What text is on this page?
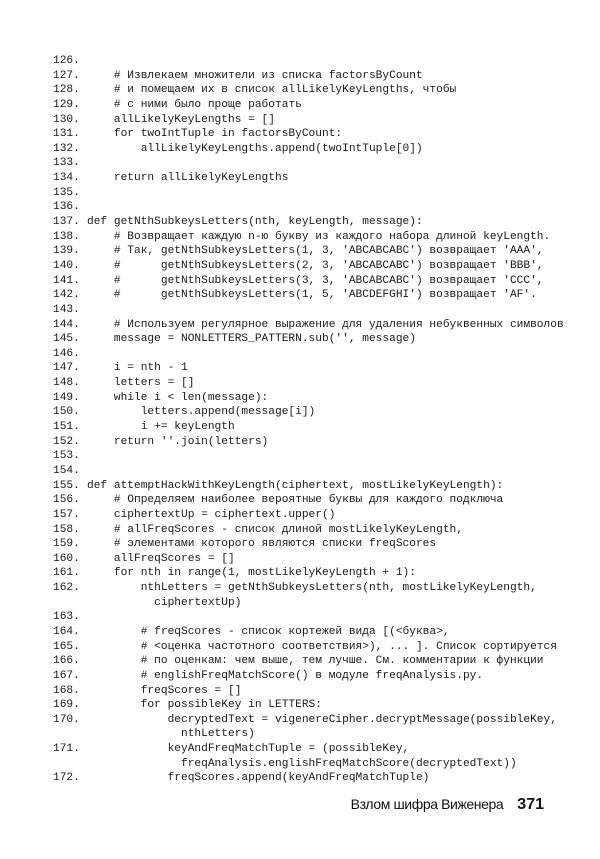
126.
127. # Извлекаем множители из списка factorsByCount
128. # и помещаем их в список allLikelyKeyLengths, чтобы
129. # с ними было проще работать
130. allLikelyKeyLengths = []
131. for twoIntTuple in factorsByCount:
132. allLikelyKeyLengths.append(twoIntTuple[0])
133.
134. return allLikelyKeyLengths
135.
136.
137. def getNthSubkeysLetters(nth, keyLength, message):
138. # Возвращает каждую n-ю букву из каждого набора длиной keyLength.
139. # Так, getNthSubkeysLetters(1, 3, 'ABCABCABC') возвращает 'AAA',
140. #      getNthSubkeysLetters(2, 3, 'ABCABCABC') возвращает 'BBB',
141. #      getNthSubkeysLetters(3, 3, 'ABCABCABC') возвращает 'CCC',
142. #      getNthSubkeysLetters(1, 5, 'ABCDEFGHI') возвращает 'AF'.
143.
144. # Используем регулярное выражение для удаления небуквенных символов
145. message = NONLETTERS_PATTERN.sub('', message)
146.
147. i = nth - 1
148. letters = []
149. while i < len(message):
150. letters.append(message[i])
151. i += keyLength
152. return ''.join(letters)
153.
154.
155. def attemptHackWithKeyLength(ciphertext, mostLikelyKeyLength):
156. # Определяем наиболее вероятные буквы для каждого подключа
157. ciphertextUp = ciphertext.upper()
158. # allFreqScores - список длиной mostLikelyKeyLength,
159. # элементами которого являются списки freqScores
160. allFreqScores = []
161. for nth in range(1, mostLikelyKeyLength + 1):
162. nthLetters = getNthSubkeysLetters(nth, mostLikelyKeyLength,
ciphertextUp)
163.
164. # freqScores - список кортежей вида [(<буква>,
165. # <оценка частотного соответствия>), ... ]. Список сортируется
166. # по оценкам: чем выше, тем лучше. См. комментарии к функции
167. # englishFreqMatchScore() в модуле freqAnalysis.py.
168. freqScores = []
169. for possibleKey in LETTERS:
170. decryptedText = vigenereCipher.decryptMessage(possibleKey,
nthLetters)
171. keyAndFreqMatchTuple = (possibleKey,
freqAnalysis.englishFreqMatchScore(decryptedText))
172. freqScores.append(keyAndFreqMatchTuple)
Взлом шифра Виженера 371
